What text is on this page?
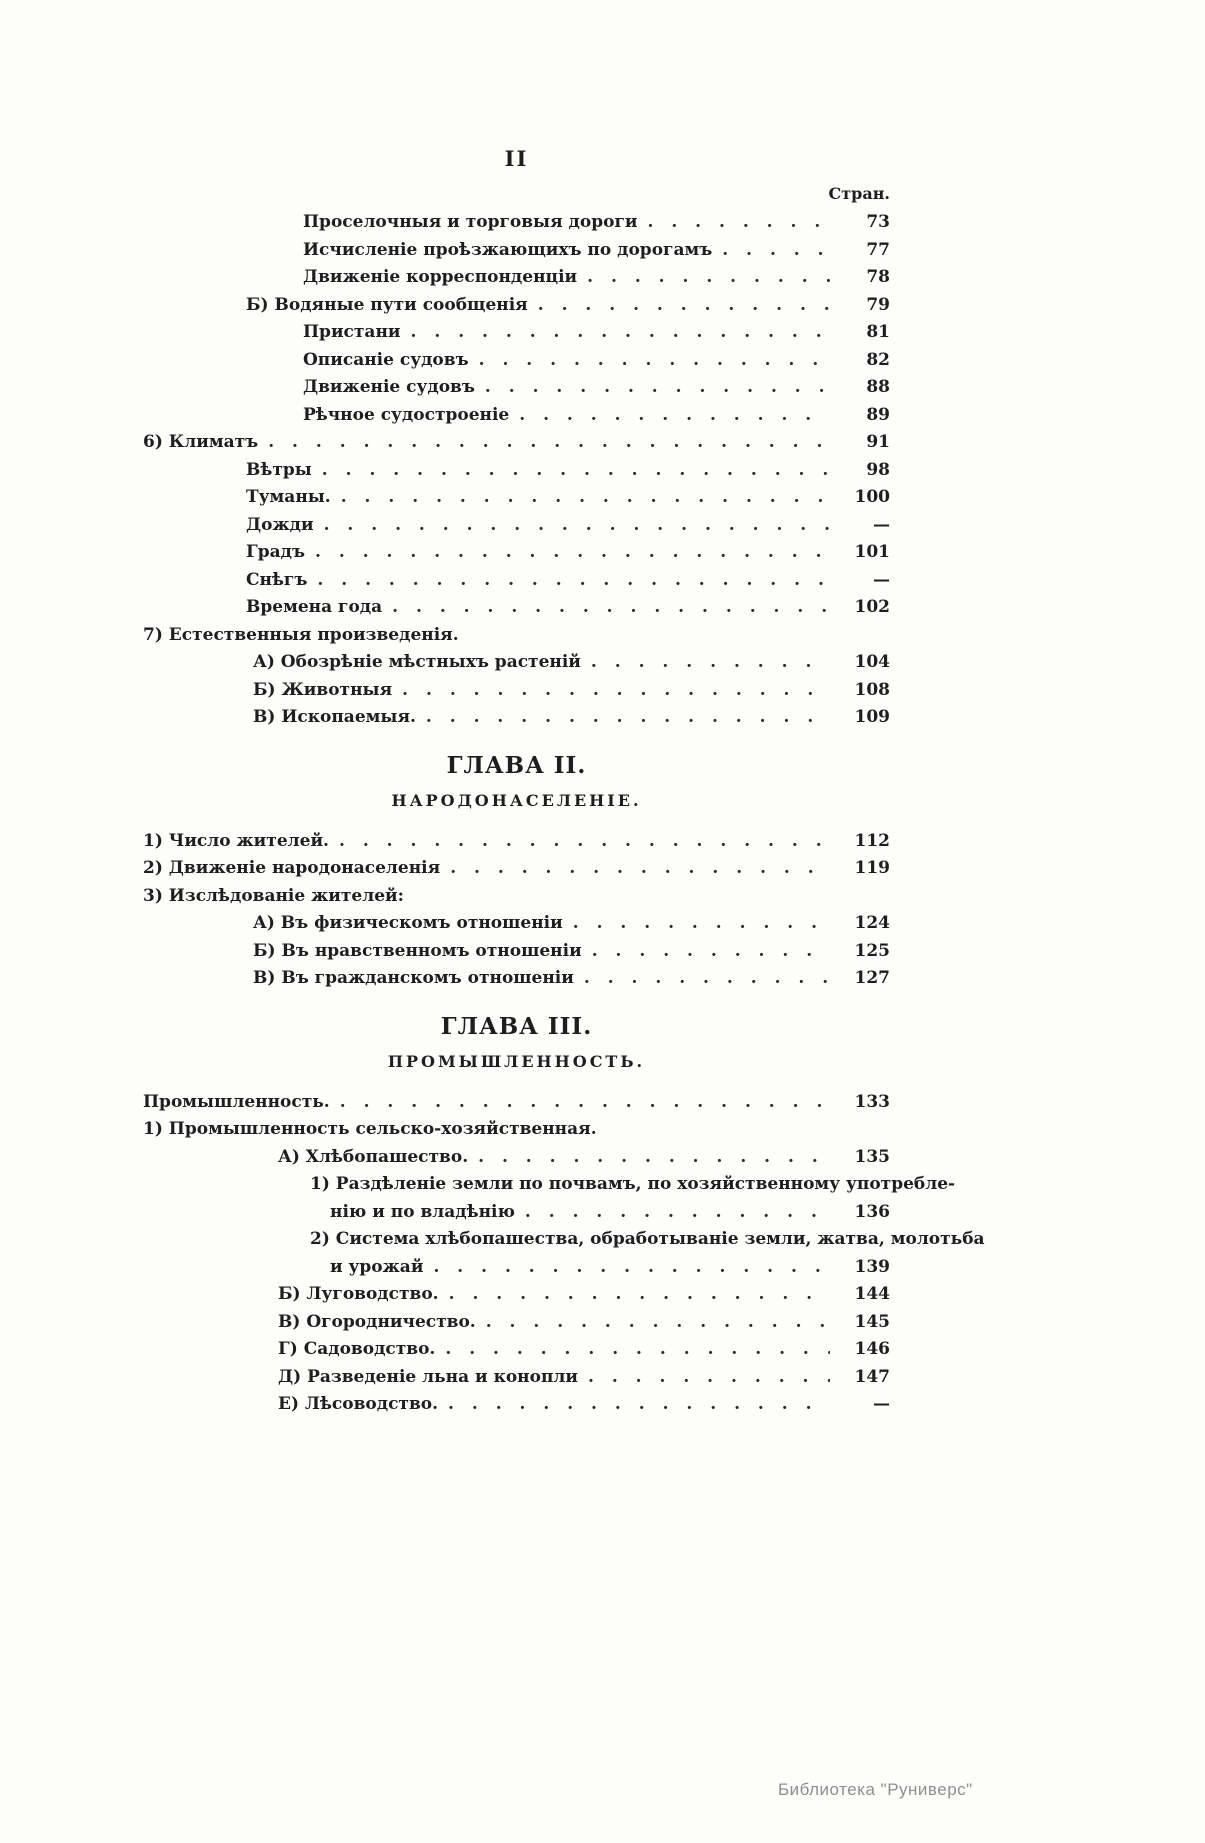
II
Стран.
Проселочныя и торговыя дороги . . .	73
Исчисленіе проѣзжающихъ по дорогамъ . . .	77
Движеніе корреспонденціи . . .	78
Б) Водяные пути сообщенія . . .	79
Пристани . . .	81
Описаніе судовъ . . .	82
Движеніе судовъ . . .	88
Рѣчное судостроеніе . . .	89
6) Климатъ . . .	91
Вѣтры . . .	98
Туманы. . . .	100
Дожди . . .	—
Градъ . . .	101
Снѣгъ . . .	—
Времена года . . .	102
7) Естественныя произведенія.
А) Обозрѣніе мѣстныхъ растеній . . .	104
Б) Животныя . . .	108
В) Ископаемыя. . . .	109
ГЛАВА II.
НАРОДОНАСЕЛЕНІЕ.
1) Число жителей. . . .	112
2) Движеніе народонаселенія . . .	119
3) Изслѣдованіе жителей:
А) Въ физическомъ отношеніи . . .	124
Б) Въ нравственномъ отношеніи . . .	125
В) Въ гражданскомъ отношеніи . . .	127
ГЛАВА III.
ПРОМЫШЛЕННОСТЬ.
Промышленность. . . .	133
1) Промышленность сельско-хозяйственная.
А) Хлѣбопашество. . . .	135
1) Раздѣленіе земли по почвамъ, по хозяйственному употребле-
нію и по владѣнію . . .	136
2) Система хлѣбопашества, обработываніе земли, жатва, молотьба
и урожай . . .	139
Б) Луговодство. . . .	144
В) Огородничество. . . .	145
Г) Садоводство. . . .	146
Д) Разведеніе льна и конопли . . .	147
Е) Лѣсоводство. . . .	—
Библиотека "Руниверс"
